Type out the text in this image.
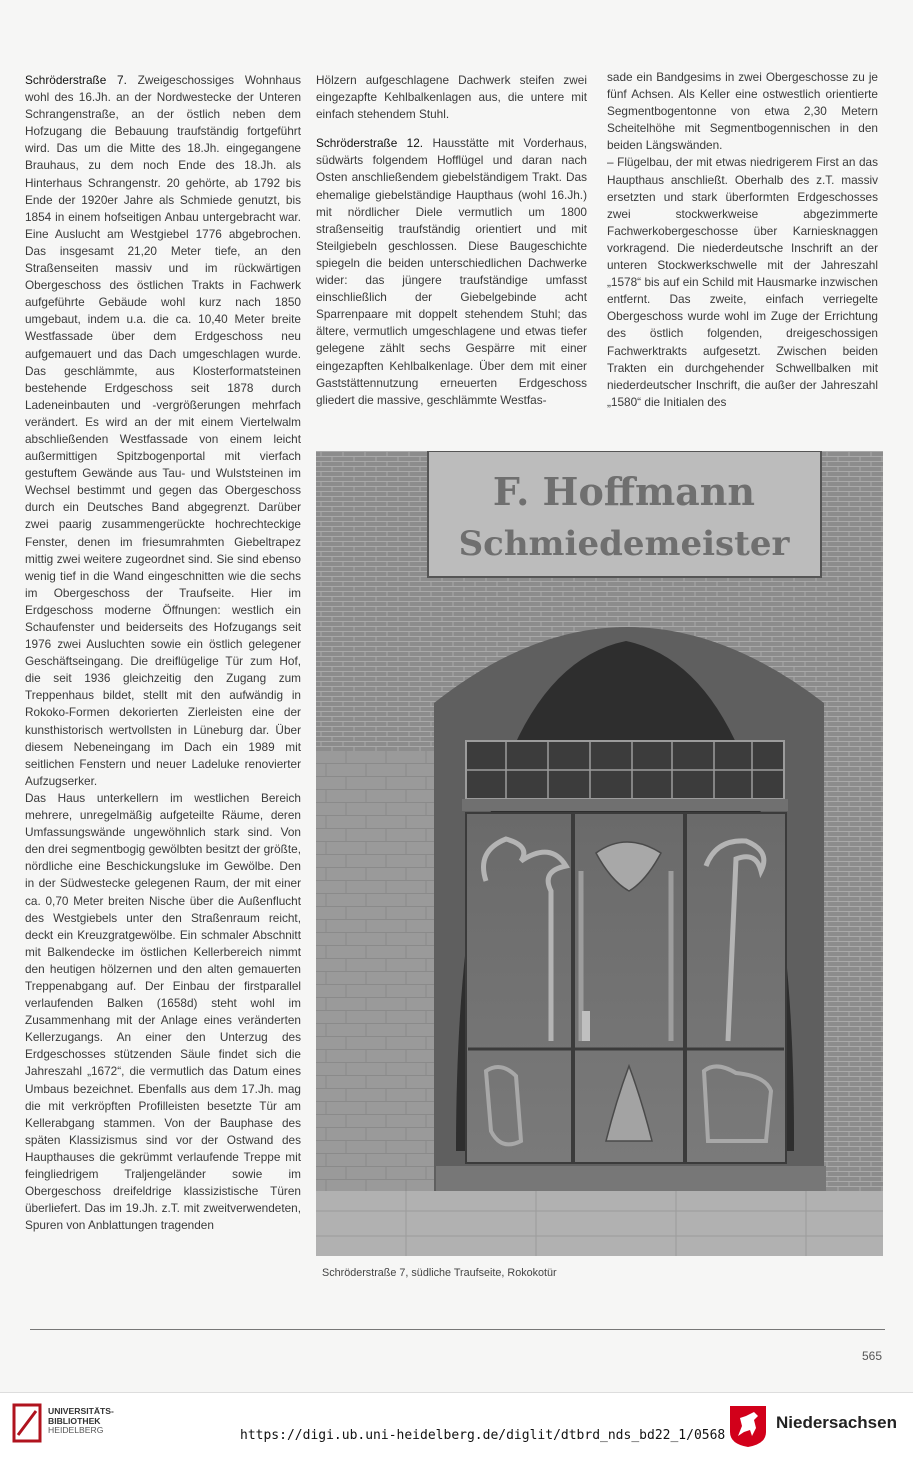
Schröderstraße 7. Zweigeschossiges Wohnhaus wohl des 16.Jh. an der Nordwestecke der Unteren Schrangenstraße, an der östlich neben dem Hofzugang die Bebauung traufständig fortgeführt wird. Das um die Mitte des 18.Jh. eingegangene Brauhaus, zu dem noch Ende des 18.Jh. als Hinterhaus Schrangenstr. 20 gehörte, ab 1792 bis Ende der 1920er Jahre als Schmiede genutzt, bis 1854 in einem hofseitigen Anbau untergebracht war. Eine Auslucht am Westgiebel 1776 abgebrochen. Das insgesamt 21,20 Meter tiefe, an den Straßenseiten massiv und im rückwärtigen Obergeschoss des östlichen Trakts in Fachwerk aufgeführte Gebäude wohl kurz nach 1850 umgebaut, indem u.a. die ca. 10,40 Meter breite Westfassade über dem Erdgeschoss neu aufgemauert und das Dach umgeschlagen wurde. Das geschlämmte, aus Klosterformatsteinen bestehende Erdgeschoss seit 1878 durch Ladeneinbauten und -vergrößerungen mehrfach verändert. Es wird an der mit einem Viertelwalm abschließenden Westfassade von einem leicht außermittigen Spitzbogenportal mit vierfach gestuftem Gewände aus Tau- und Wulststeinen im Wechsel bestimmt und gegen das Obergeschoss durch ein Deutsches Band abgegrenzt. Darüber zwei paarig zusammengerückte hochrechteckige Fenster, denen im friesumrahmten Giebeltrapez mittig zwei weitere zugeordnet sind. Sie sind ebenso wenig tief in die Wand eingeschnitten wie die sechs im Obergeschoss der Traufseite. Hier im Erdgeschoss moderne Öffnungen: westlich ein Schaufenster und beiderseits des Hofzugangs seit 1976 zwei Ausluchten sowie ein östlich gelegener Geschäftseingang. Die dreiflügelige Tür zum Hof, die seit 1936 gleichzeitig den Zugang zum Treppenhaus bildet, stellt mit den aufwändig in Rokoko-Formen dekorierten Zierleisten eine der kunsthistorisch wertvollsten in Lüneburg dar. Über diesem Nebeneingang im Dach ein 1989 mit seitlichen Fenstern und neuer Ladeluke renovierter Aufzugserker.

Das Haus unterkellern im westlichen Bereich mehrere, unregelmäßig aufgeteilte Räume, deren Umfassungswände ungewöhnlich stark sind. Von den drei segmentbogig gewölbten besitzt der größte, nördliche eine Beschickungsluke im Gewölbe. Den in der Südwestecke gelegenen Raum, der mit einer ca. 0,70 Meter breiten Nische über die Außenflucht des Westgiebels unter den Straßenraum reicht, deckt ein Kreuzgratgewölbe. Ein schmaler Abschnitt mit Balkendecke im östlichen Kellerbereich nimmt den heutigen hölzernen und den alten gemauerten Treppenabgang auf. Der Einbau der firstparallel verlaufenden Balken (1658d) steht wohl im Zusammenhang mit der Anlage eines veränderten Kellerzugangs. An einer den Unterzug des Erdgeschosses stützenden Säule findet sich die Jahreszahl „1672“, die vermutlich das Datum eines Umbaus bezeichnet. Ebenfalls aus dem 17.Jh. mag die mit verkröpften Profilleisten besetzte Tür am Kellerabgang stammen. Von der Bauphase des späten Klassizismus sind vor der Ostwand des Haupthauses die gekrümmt verlaufende Treppe mit feingliedrigem Traljengeländer sowie im Obergeschoss dreifeldrige klassizistische Türen überliefert. Das im 19.Jh. z.T. mit zweitverwendeten, Spuren von Anblattungen tragenden

Hölzern aufgeschlagene Dachwerk steifen zwei eingezapfte Kehlbalkenlagen aus, die untere mit einfach stehendem Stuhl.

Schröderstraße 12. Hausstätte mit Vorderhaus, südwärts folgendem Hofflügel und daran nach Osten anschließendem giebelständigem Trakt. Das ehemalige giebelständige Haupthaus (wohl 16.Jh.) mit nördlicher Diele vermutlich um 1800 straßenseitig traufständig orientiert und mit Steilgiebeln geschlossen. Diese Baugeschichte spiegeln die beiden unterschiedlichen Dachwerke wider: das jüngere traufständige umfasst einschließlich der Giebelgebinde acht Sparrenpaare mit doppelt stehendem Stuhl; das ältere, vermutlich umgeschlagene und etwas tiefer gelegene zählt sechs Gespärre mit einer eingezapften Kehlbalkenlage. Über dem mit einer Gaststättennutzung erneuerten Erdgeschoss gliedert die massive, geschlämmte Westfas-

sade ein Bandgesims in zwei Obergeschosse zu je fünf Achsen. Als Keller eine ostwestlich orientierte Segmentbogentonne von etwa 2,30 Metern Scheitelhöhe mit Segmentbogennischen in den beiden Längswänden.

– Flügelbau, der mit etwas niedrigerem First an das Haupthaus anschließt. Oberhalb des z.T. massiv ersetzten und stark überformten Erdgeschosses zwei stockwerkweise abgezimmerte Fachwerkobergeschosse über Karniesknaggen vorkragend. Die niederdeutsche Inschrift an der unteren Stockwerkschwelle mit der Jahreszahl „1578“ bis auf ein Schild mit Hausmarke inzwischen entfernt. Das zweite, einfach verriegelte Obergeschoss wurde wohl im Zuge der Errichtung des östlich folgenden, dreigeschossigen Fachwerktrakts aufgesetzt. Zwischen beiden Trakten ein durchgehender Schwellbalken mit niederdeutscher Inschrift, die außer der Jahreszahl „1580“ die Initialen des

F. Hoffmann
Schmiedemeister
Schröderstraße 7, südliche Traufseite, Rokokotür
565
UNIVERSITÄTS-
BIBLIOTHEK
HEIDELBERG	https://digi.ub.uni-heidelberg.de/diglit/dtbrd_nds_bd22_1/0568
Niedersachsen
